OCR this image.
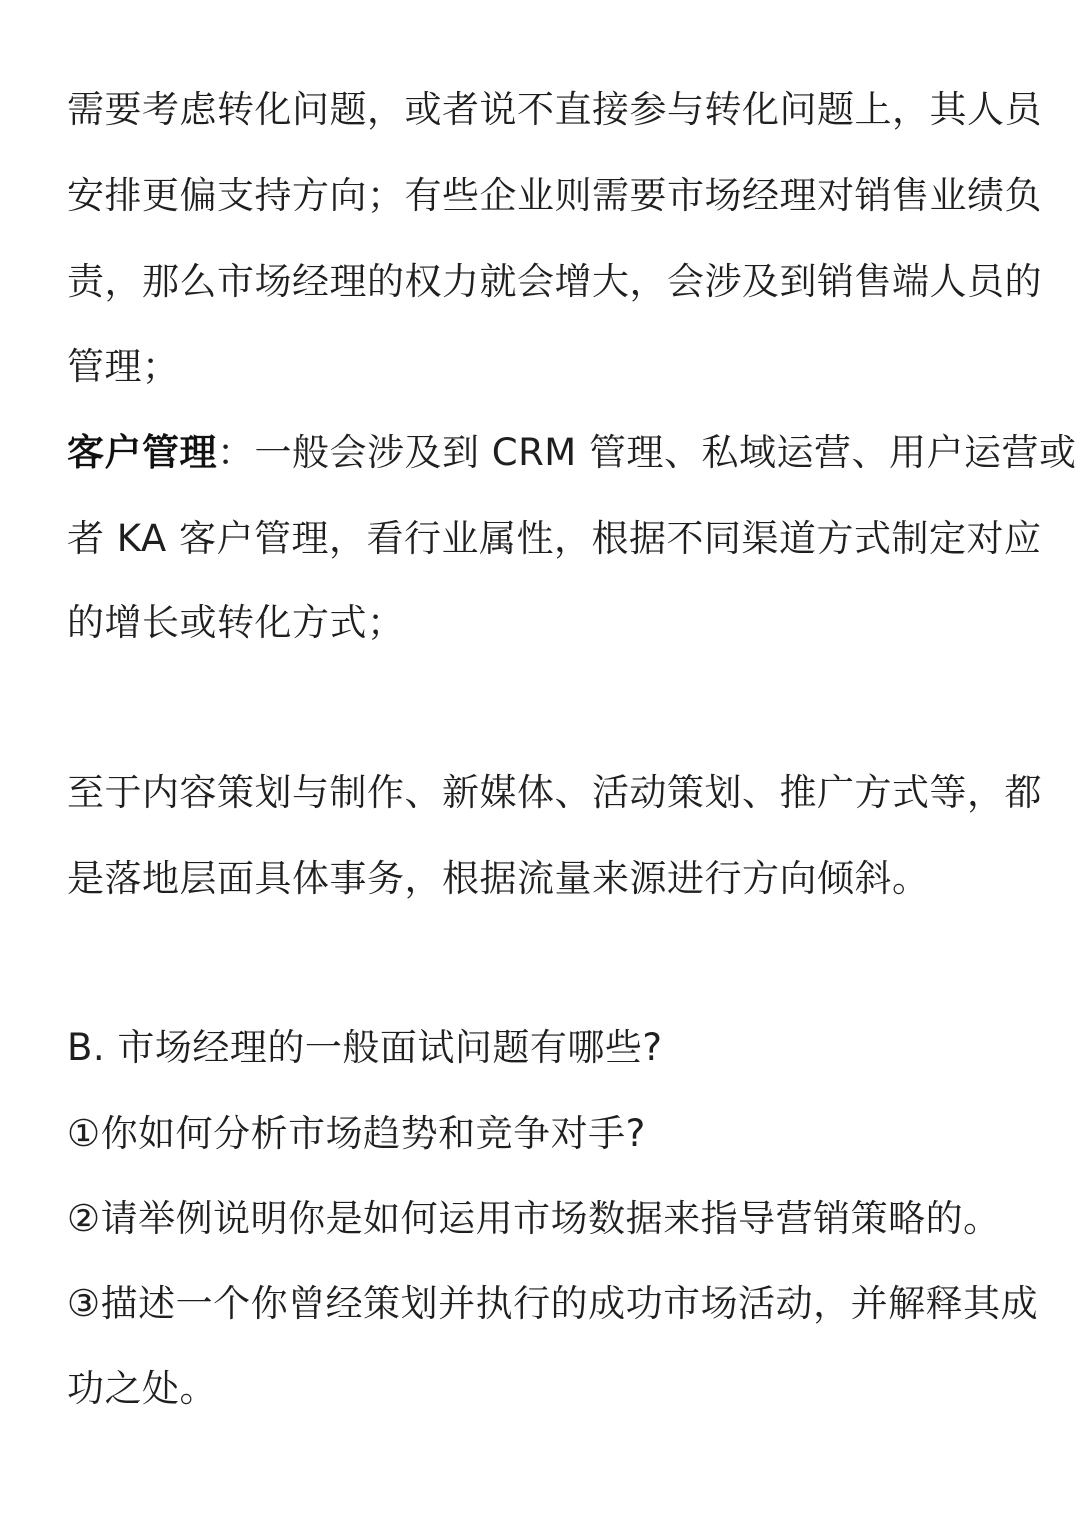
需要考虑转化问题，或者说不直接参与转化问题上，其人员
安排更偏支持方向；有些企业则需要市场经理对销售业绩负
责，那么市场经理的权力就会增大，会涉及到销售端人员的
管理；
客户管理：一般会涉及到 CRM 管理、私域运营、用户运营或
者 KA 客户管理，看行业属性，根据不同渠道方式制定对应
的增长或转化方式；
至于内容策划与制作、新媒体、活动策划、推广方式等，都
是落地层面具体事务，根据流量来源进行方向倾斜。
B. 市场经理的一般面试问题有哪些?
①你如何分析市场趋势和竞争对手?
②请举例说明你是如何运用市场数据来指导营销策略的。
③描述一个你曾经策划并执行的成功市场活动，并解释其成
功之处。
